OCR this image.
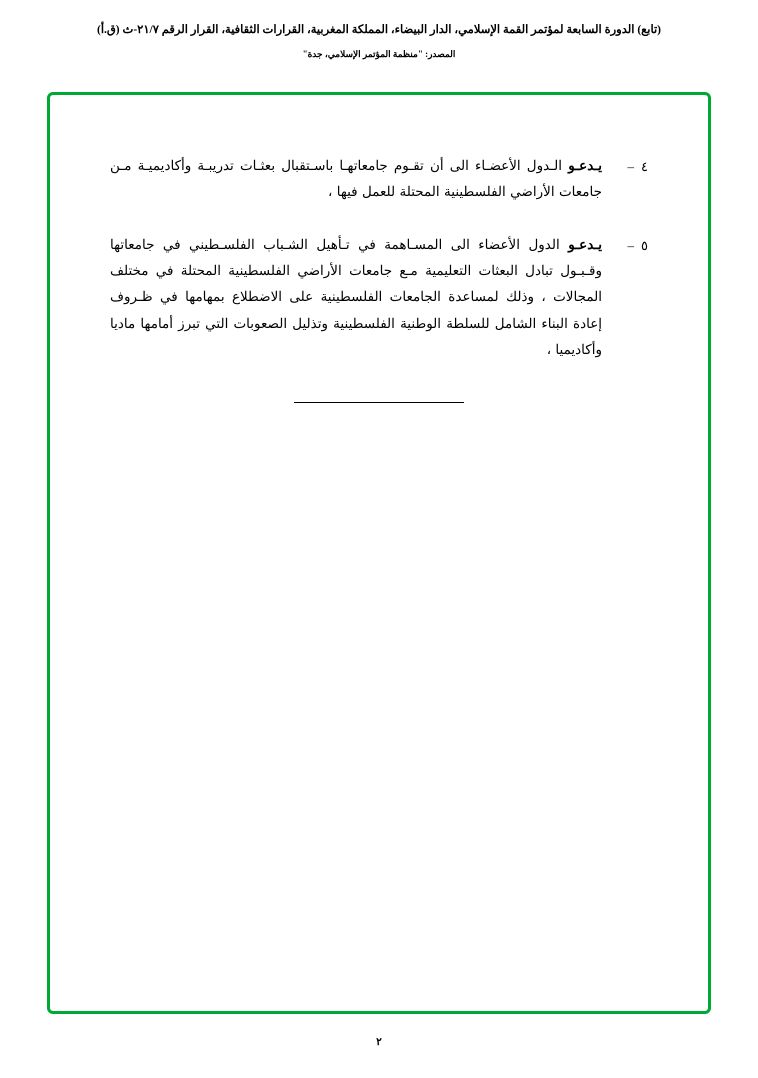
(تابع) الدورة السابعة لمؤتمر القمة الإسلامي، الدار البيضاء، المملكة المغربية، القرارات الثقافية، القرار الرقم ٢١/٧-ث (ق.أ)
المصدر: "منظمة المؤتمر الإسلامي، جدة"
٤–
يـدعـو الـدول الأعضـاء الى أن تقـوم جامعاتهـا باسـتقبال بعثـات تدريبـة وأكاديميـة مـن جامعات الأراضي الفلسطينية المحتلة للعمل فيها ،
٥–
يـدعـو الدول الأعضاء الى المسـاهمة في تـأهيل الشـباب الفلسـطيني في جامعاتها وقـبـول تبادل البعثات التعليمية مـع جامعات الأراضي الفلسطينية المحتلة في مختلف المجالات ، وذلك لمساعدة الجامعات الفلسطينية على الاضطلاع بمهامها في ظـروف إعادة البناء الشامل للسلطة الوطنية الفلسطينية وتذليل الصعوبات التي تبرز أمامها ماديا وأكاديميا ،
٢
